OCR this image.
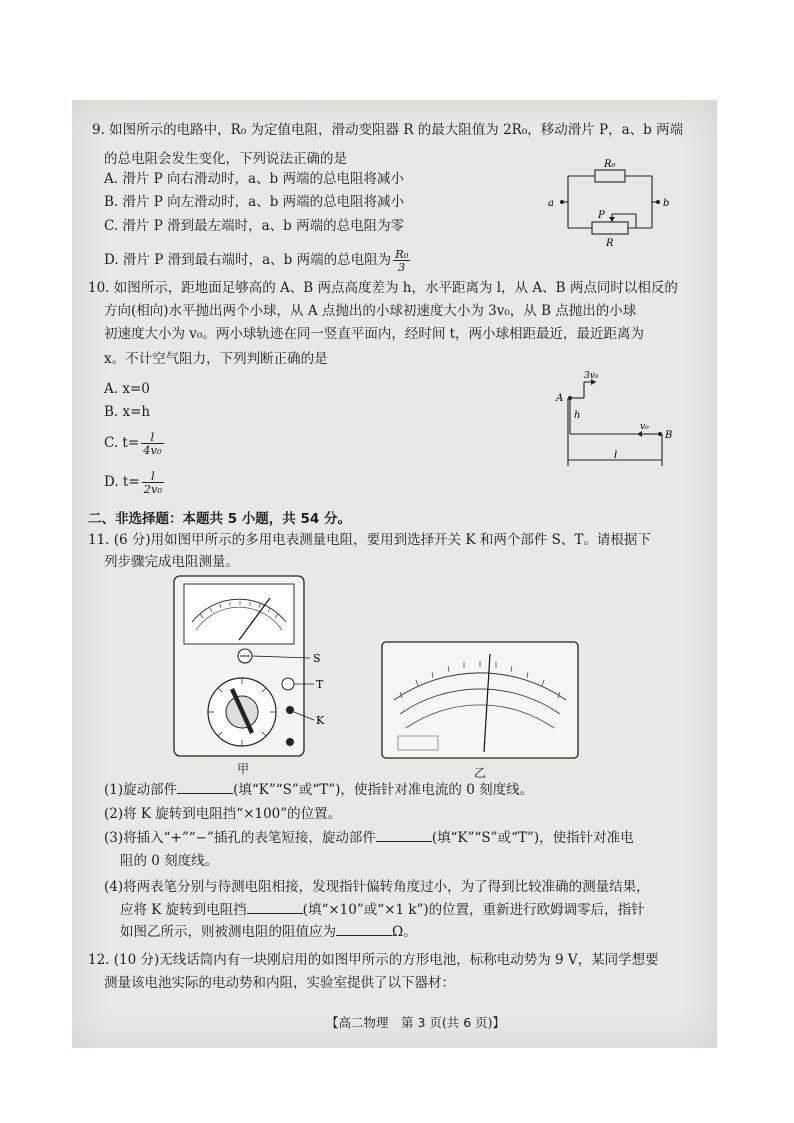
9. 如图所示的电路中，R₀ 为定值电阻，滑动变阻器 R 的最大阻值为 2R₀，移动滑片 P，a、b 两端
的总电阻会发生变化，下列说法正确的是
A. 滑片 P 向右滑动时，a、b 两端的总电阻将减小
B. 滑片 P 向左滑动时，a、b 两端的总电阻将减小
C. 滑片 P 滑到最左端时，a、b 两端的总电阻为零
D. 滑片 P 滑到最右端时，a、b 两端的总电阻为 $\frac{\text{R₀}}{3}$
R₀
R
P
a	b
10. 如图所示，距地面足够高的 A、B 两点高度差为 h，水平距离为 l，从 A、B 两点同时以相反的
方向(相向)水平抛出两个小球，从 A 点抛出的小球初速度大小为 3v₀，从 B 点抛出的小球
初速度大小为 v₀。两小球轨迹在同一竖直平面内，经时间 t，两小球相距最近，最近距离为
x。不计空气阻力，下列判断正确的是
A. x=0
B. x=h
C. $t= \frac{l}{\text{4v₀}}$
D. $t= \frac{l}{\text{2v₀}}$
A
B
h
l
3v₀
v₀
二、非选择题：本题共 5 小题，共 54 分。
11. (6 分)用如图甲所示的多用电表测量电阻，要用到选择开关 K 和两个部件 S、T。请根据下
列步骤完成电阻测量。
S
T
K
甲	乙
(1)旋动部件	(填“K”“S”或“T”)，使指针对准电流的 0 刻度线。
(2)将 K 旋转到电阻挡“×100”的位置。
(3)将插入“+”“−”插孔的表笔短接，旋动部件	(填“K”“S”或“T”)，使指针对准电
阻的 0 刻度线。
(4)将两表笔分别与待测电阻相接，发现指针偏转角度过小，为了得到比较准确的测量结果，
应将 K 旋转到电阻挡	(填“×10”或“×1 k”)的位置，重新进行欧姆调零后，指针
如图乙所示，则被测电阻的阻值应为	Ω。
12. (10 分)无线话筒内有一块刚启用的如图甲所示的方形电池，标称电动势为 9 V，某同学想要
测量该电池实际的电动势和内阻，实验室提供了以下器材：
【高二物理　第 3 页(共 6 页)】
